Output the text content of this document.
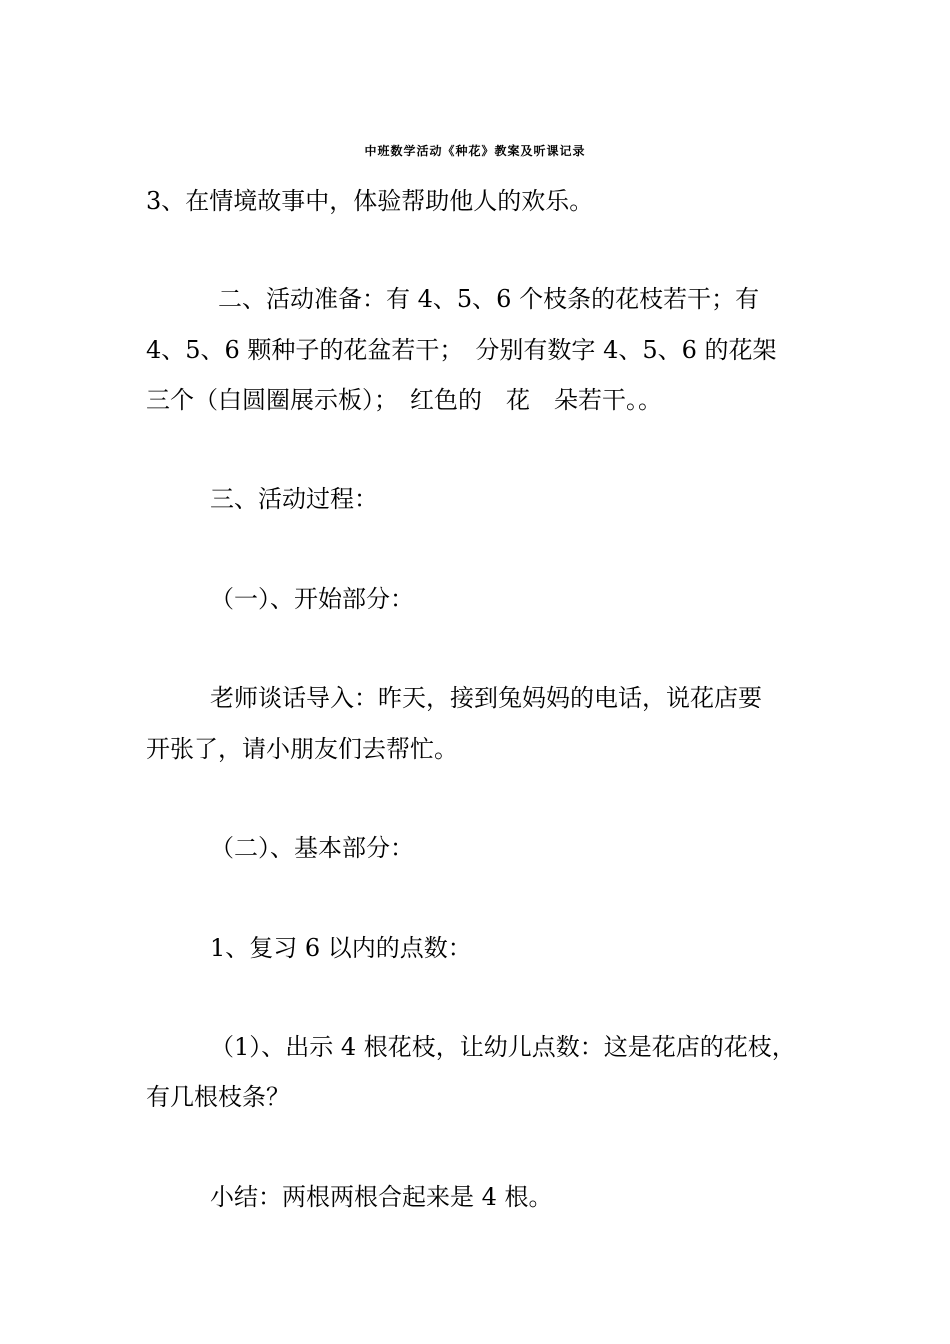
中班数学活动《种花》教案及听课记录
3、在情境故事中，体验帮助他人的欢乐。
二、活动准备：有 4、5、6 个枝条的花枝若干；有
4、5、6 颗种子的花盆若干；　分别有数字 4、5、6 的花架
三个（白圆圈展示板）；　红色的　花　朵若干。。
三、活动过程：
（一）、开始部分：
老师谈话导入：昨天，接到兔妈妈的电话，说花店要
开张了，请小朋友们去帮忙。
（二）、基本部分：
1、复习 6 以内的点数：
（1）、出示 4 根花枝，让幼儿点数：这是花店的花枝，
有几根枝条？
小结：两根两根合起来是 4 根。
